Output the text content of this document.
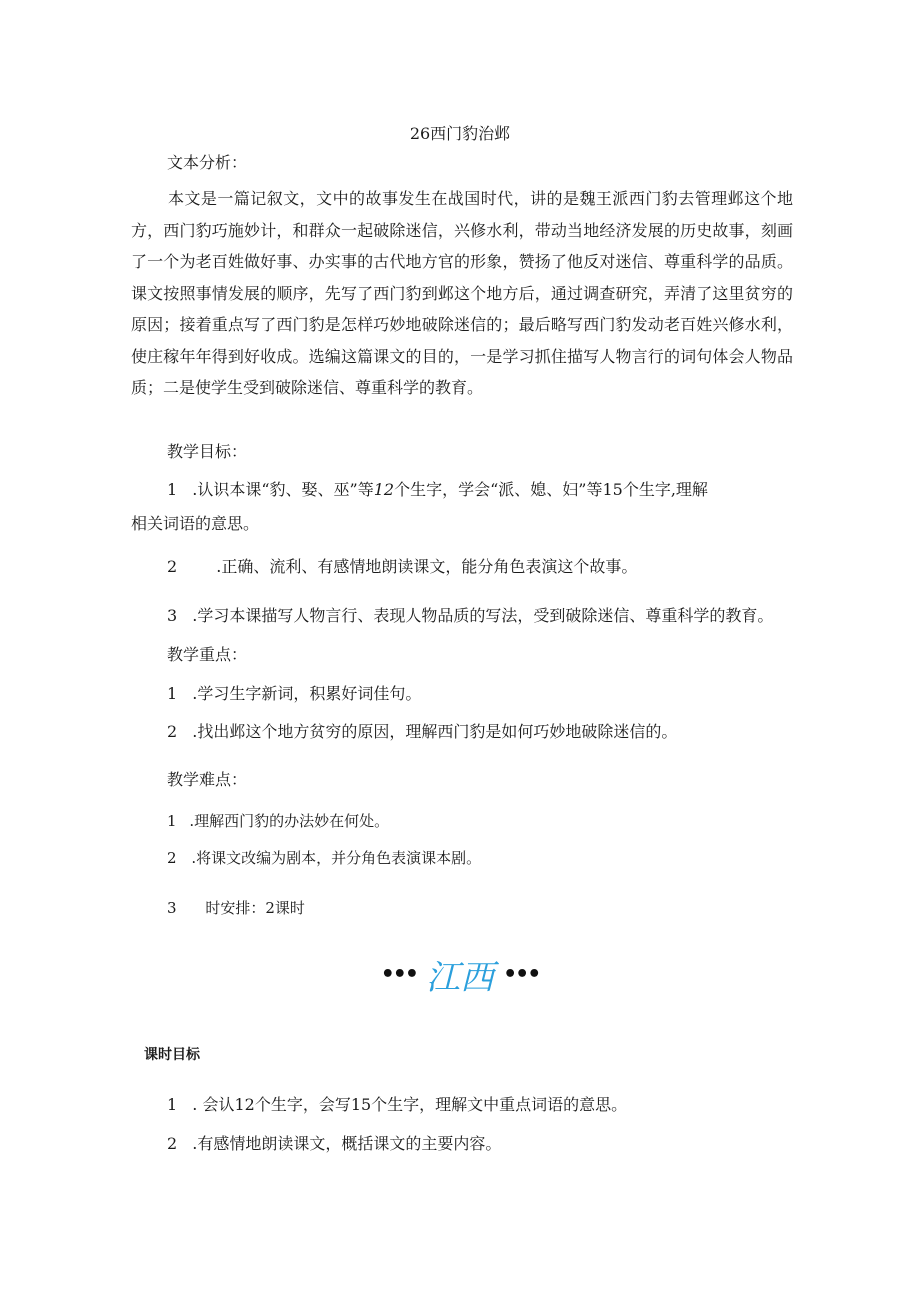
26西门豹治邺
文本分析：
本文是一篇记叙文，文中的故事发生在战国时代，讲的是魏王派西门豹去管理邺这个地方，西门豹巧施妙计，和群众一起破除迷信，兴修水利，带动当地经济发展的历史故事，刻画了一个为老百姓做好事、办实事的古代地方官的形象，赞扬了他反对迷信、尊重科学的品质。课文按照事情发展的顺序，先写了西门豹到邺这个地方后，通过调查研究，弄清了这里贫穷的原因；接着重点写了西门豹是怎样巧妙地破除迷信的；最后略写西门豹发动老百姓兴修水利，使庄稼年年得到好收成。选编这篇课文的目的，一是学习抓住描写人物言行的词句体会人物品质；二是使学生受到破除迷信、尊重科学的教育。
教学目标：
1 .认识本课“豹、娶、巫”等12个生字，学会“派、媳、妇”等15个生字,理解
相关词语的意思。
2 .正确、流利、有感情地朗读课文，能分角色表演这个故事。
3 .学习本课描写人物言行、表现人物品质的写法，受到破除迷信、尊重科学的教育。
教学重点：
1 .学习生字新词，积累好词佳句。
2 .找出邺这个地方贫穷的原因，理解西门豹是如何巧妙地破除迷信的。
教学难点：
1 .理解西门豹的办法妙在何处。
2 .将课文改编为剧本，并分角色表演课本剧。
3 时安排：2课时
••• 江西 •••
课时目标
1 . 会认12个生字，会写15个生字，理解文中重点词语的意思。
2 .有感情地朗读课文，概括课文的主要内容。
